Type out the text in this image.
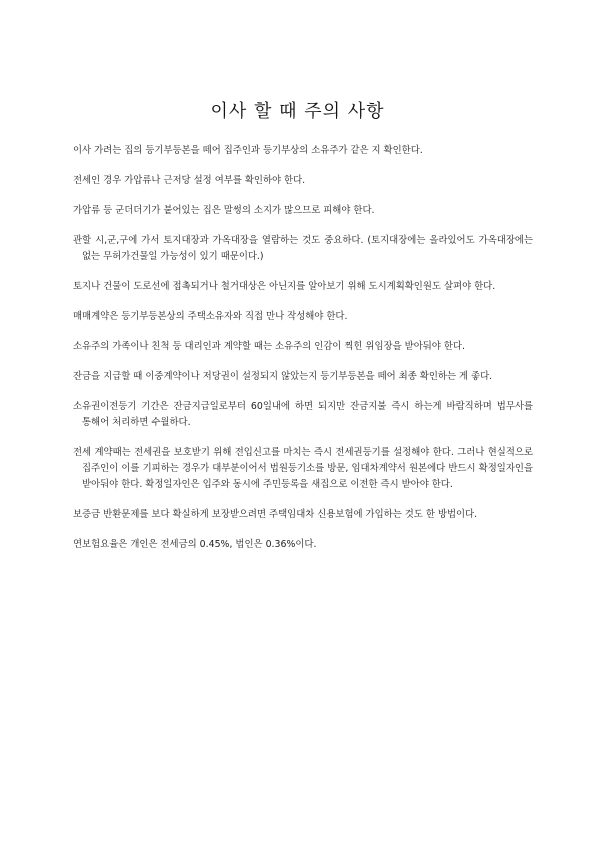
이사 할 때 주의 사항

이사 가려는 집의 등기부등본을 떼어 집주인과 등기부상의 소유주가 같은 지 확인한다.

전세인 경우 가압류나 근저당 설정 여부를 확인하야 한다.

가압류 등 군더더기가 붙어있는 집은 말썽의 소지가 많으므로 피해야 한다.

관할 시,군,구에 가서 토지대장과 가옥대장을 열람하는 것도 중요하다. (토지대장에는 올라있어도 가옥대장에는 없는 무허가건물일 가능성이 있기 때문이다.)

토지나 건물이 도로선에 접촉되거나 철거대상은 아닌지를 알아보기 위해 도시계획확인원도 살펴야 한다.

매매계약은 등기부등본상의 주택소유자와 직접 만나 작성해야 한다.

소유주의 가족이나 친척 등 대리인과 계약할 때는 소유주의 인감이 찍힌 위임장을 받아둬야 한다.

잔금을 지급할 때 이중계약이나 저당권이 설정되지 않았는지 등기부등본을 떼어 최종 확인하는 게 좋다.

소유권이전등기 기간은 잔금지급일로부터 60일내에 하면 되지만 잔금지불 즉시 하는게 바람직하며 법무사를 통해어 처리하면 수월하다.

전세 계약때는 전세권을 보호받기 위해 전입신고를 마치는 즉시 전세권등기를 설정해야 한다. 그러나 현실적으로 집주인이 이를 기피하는 경우가 대부분이어서 법원등기소를 방문, 임대차계약서 원본에다 반드시 확정일자인을 받아둬야 한다. 확정일자인은 입주와 동시에 주민등록을 새집으로 이전한 즉시 받아야 한다.

보증금 반환문제를 보다 확실하게 보장받으려면 주택임대차 신용보험에 가입하는 것도 한 방법이다.

연보험요율은 개인은 전세금의 0.45%, 법인은 0.36%이다.
